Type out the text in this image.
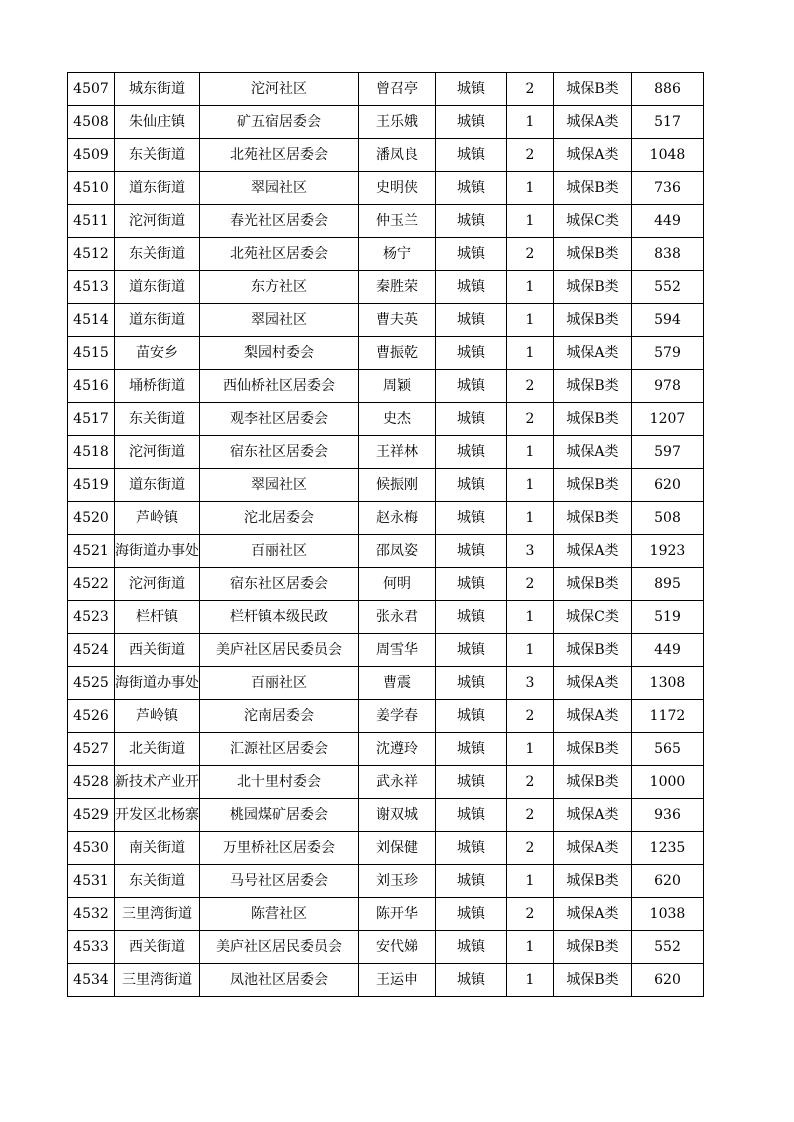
4507	城东街道	沱河社区	曾召亭	城镇	2	城保B类	886
4508	朱仙庄镇	矿五宿居委会	王乐娥	城镇	1	城保A类	517
4509	东关街道	北苑社区居委会	潘凤良	城镇	2	城保A类	1048
4510	道东街道	翠园社区	史明侠	城镇	1	城保B类	736
4511	沱河街道	春光社区居委会	仲玉兰	城镇	1	城保C类	449
4512	东关街道	北苑社区居委会	杨宁	城镇	2	城保B类	838
4513	道东街道	东方社区	秦胜荣	城镇	1	城保B类	552
4514	道东街道	翠园社区	曹夫英	城镇	1	城保B类	594
4515	苗安乡	梨园村委会	曹振乾	城镇	1	城保A类	579
4516	埇桥街道	西仙桥社区居委会	周颖	城镇	2	城保B类	978
4517	东关街道	观李社区居委会	史杰	城镇	2	城保B类	1207
4518	沱河街道	宿东社区居委会	王祥林	城镇	1	城保A类	597
4519	道东街道	翠园社区	候振刚	城镇	1	城保B类	620
4520	芦岭镇	沱北居委会	赵永梅	城镇	1	城保B类	508
4521	海街道办事处	百丽社区	邵凤姿	城镇	3	城保A类	1923
4522	沱河街道	宿东社区居委会	何明	城镇	2	城保B类	895
4523	栏杆镇	栏杆镇本级民政	张永君	城镇	1	城保C类	519
4524	西关街道	美庐社区居民委员会	周雪华	城镇	1	城保B类	449
4525	海街道办事处	百丽社区	曹震	城镇	3	城保A类	1308
4526	芦岭镇	沱南居委会	姜学春	城镇	2	城保A类	1172
4527	北关街道	汇源社区居委会	沈遵玲	城镇	1	城保B类	565
4528	新技术产业开	北十里村委会	武永祥	城镇	2	城保B类	1000
4529	开发区北杨寨	桃园煤矿居委会	谢双城	城镇	2	城保A类	936
4530	南关街道	万里桥社区居委会	刘保健	城镇	2	城保A类	1235
4531	东关街道	马号社区居委会	刘玉珍	城镇	1	城保B类	620
4532	三里湾街道	陈营社区	陈开华	城镇	2	城保A类	1038
4533	西关街道	美庐社区居民委员会	安代娣	城镇	1	城保B类	552
4534	三里湾街道	凤池社区居委会	王运申	城镇	1	城保B类	620
